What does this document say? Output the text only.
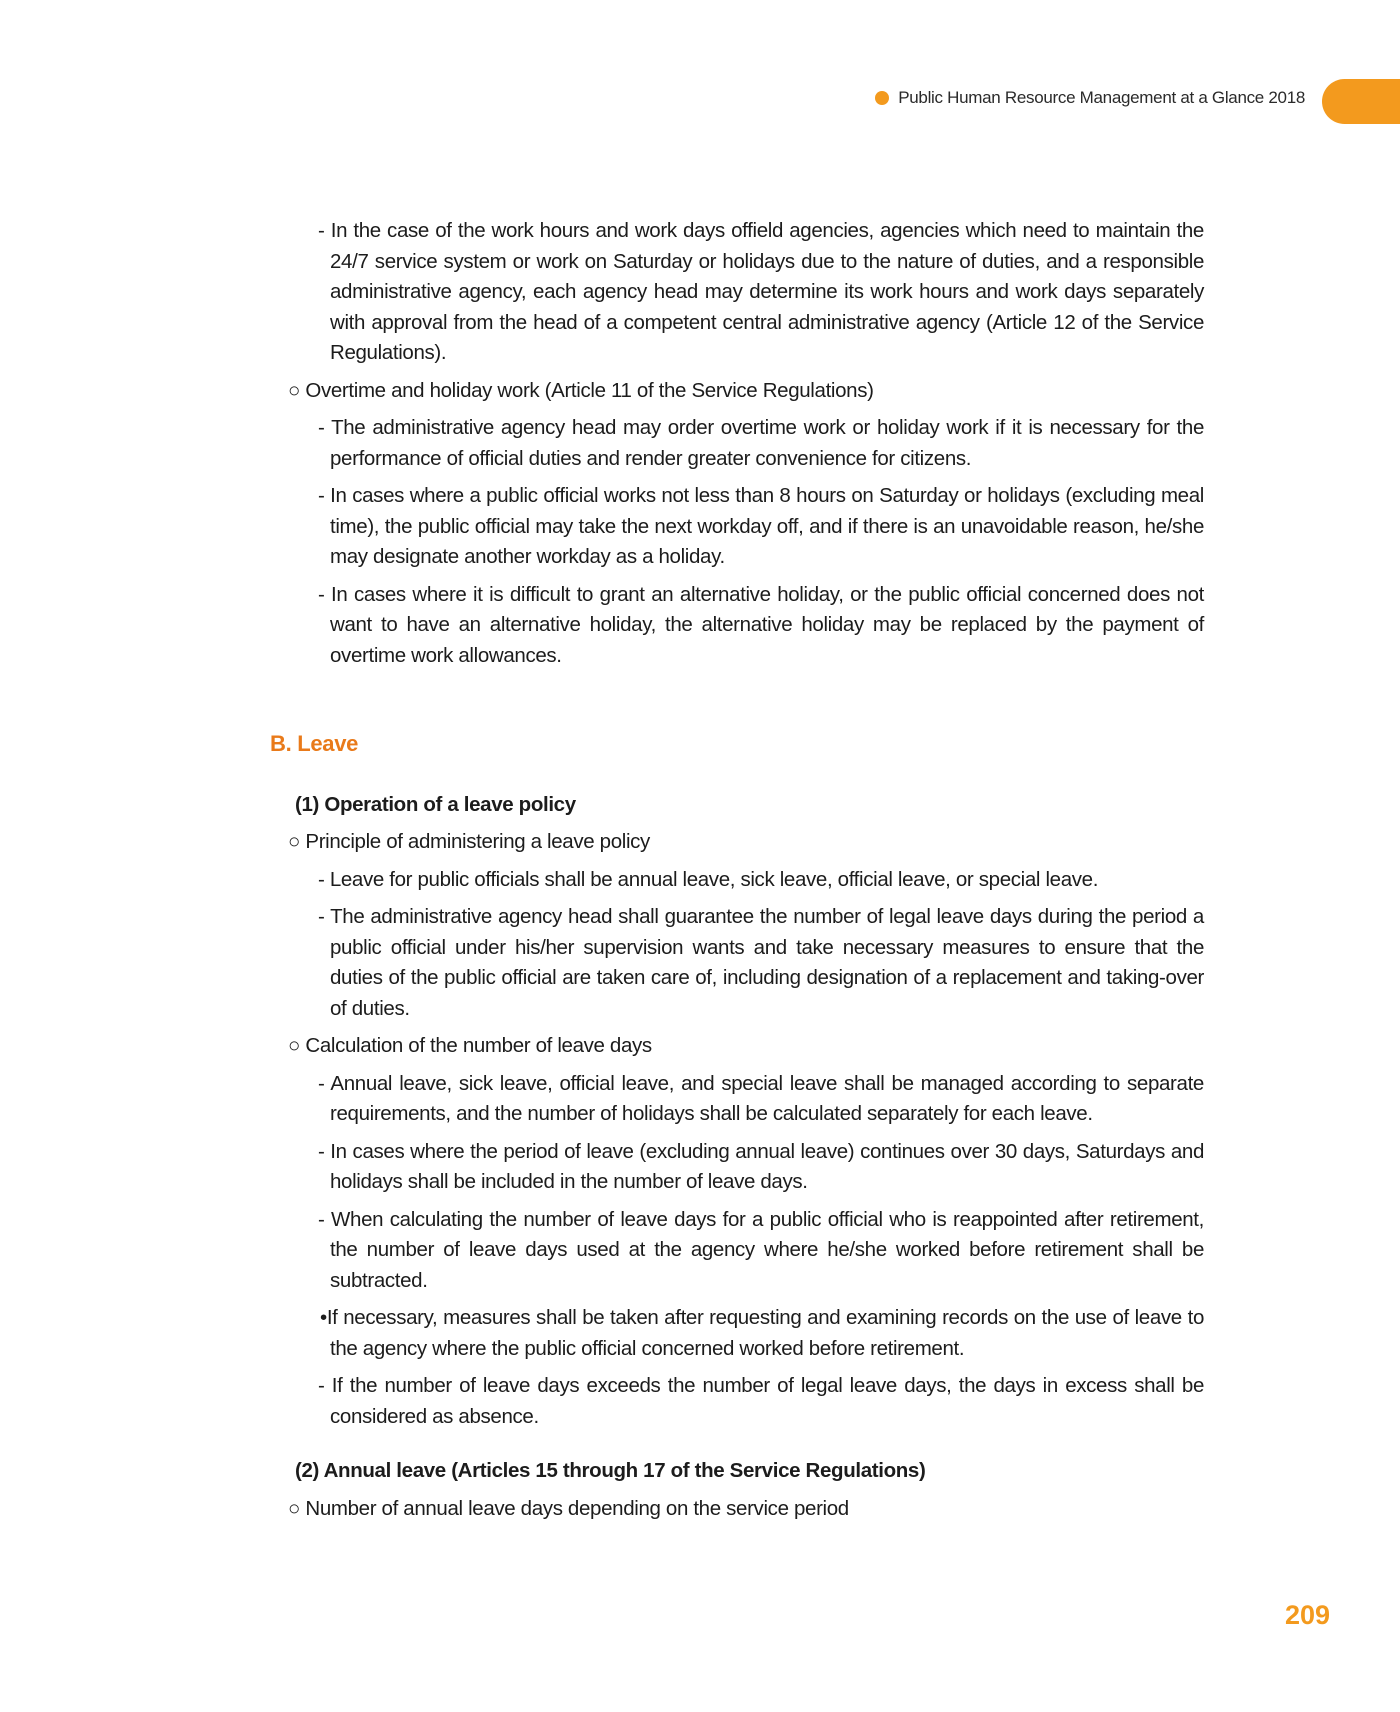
Public Human Resource Management at a Glance 2018
- In the case of the work hours and work days offield agencies, agencies which need to maintain the 24/7 service system or work on Saturday or holidays due to the nature of duties, and a responsible administrative agency, each agency head may determine its work hours and work days separately with approval from the head of a competent central administrative agency (Article 12 of the Service Regulations).
○ Overtime and holiday work (Article 11 of the Service Regulations)
- The administrative agency head may order overtime work or holiday work if it is necessary for the performance of official duties and render greater convenience for citizens.
- In cases where a public official works not less than 8 hours on Saturday or holidays (excluding meal time), the public official may take the next workday off, and if there is an unavoidable reason, he/she may designate another workday as a holiday.
- In cases where it is difficult to grant an alternative holiday, or the public official concerned does not want to have an alternative holiday, the alternative holiday may be replaced by the payment of overtime work allowances.
B. Leave
(1) Operation of a leave policy
○ Principle of administering a leave policy
- Leave for public officials shall be annual leave, sick leave, official leave, or special leave.
- The administrative agency head shall guarantee the number of legal leave days during the period a public official under his/her supervision wants and take necessary measures to ensure that the duties of the public official are taken care of, including designation of a replacement and taking-over of duties.
○ Calculation of the number of leave days
- Annual leave, sick leave, official leave, and special leave shall be managed according to separate requirements, and the number of holidays shall be calculated separately for each leave.
- In cases where the period of leave (excluding annual leave) continues over 30 days, Saturdays and holidays shall be included in the number of leave days.
- When calculating the number of leave days for a public official who is reappointed after retirement, the number of leave days used at the agency where he/she worked before retirement shall be subtracted.
•If necessary, measures shall be taken after requesting and examining records on the use of leave to the agency where the public official concerned worked before retirement.
- If the number of leave days exceeds the number of legal leave days, the days in excess shall be considered as absence.
(2) Annual leave (Articles 15 through 17 of the Service Regulations)
○ Number of annual leave days depending on the service period
209
